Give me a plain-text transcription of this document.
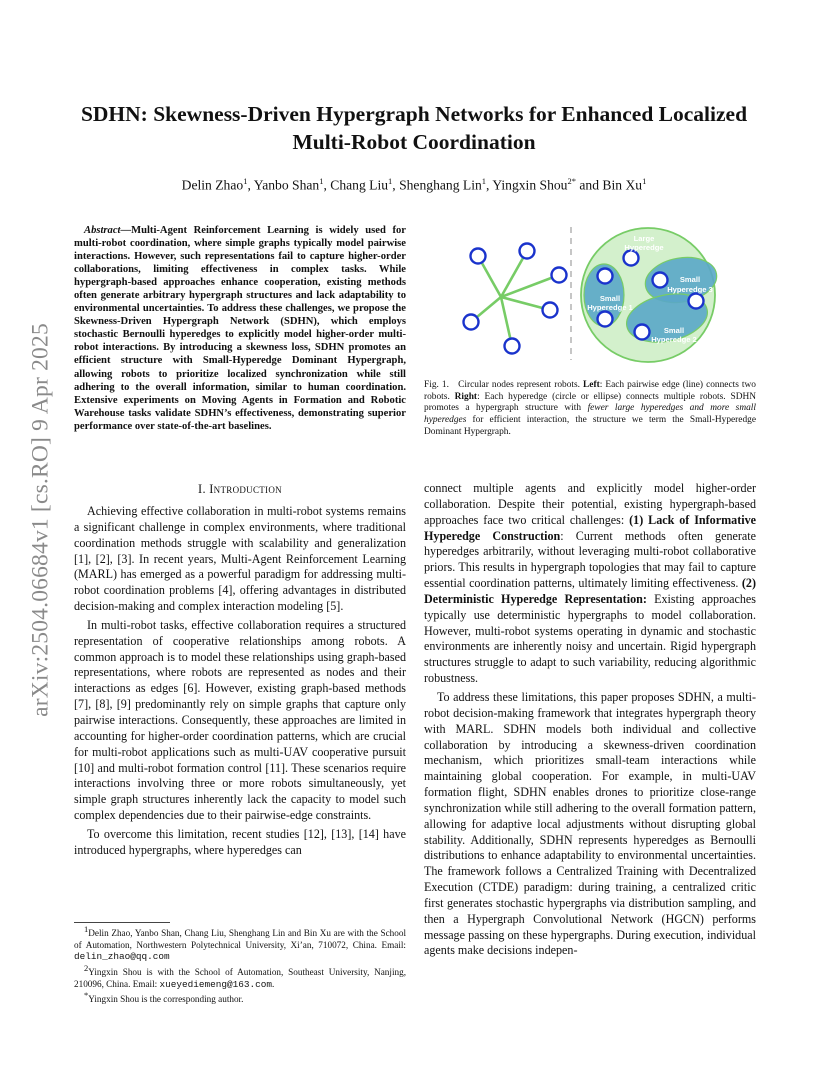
arXiv:2504.06684v1 [cs.RO] 9 Apr 2025
SDHN: Skewness-Driven Hypergraph Networks for Enhanced Localized
Multi-Robot Coordination
Delin Zhao$^1$, Yanbo Shan$^1$, Chang Liu$^1$, Shenghang Lin$^1$, Yingxin Shou$^{2*}$ and Bin Xu$^1$
Abstract—Multi-Agent Reinforcement Learning is widely used for multi-robot coordination, where simple graphs typically model pairwise interactions. However, such representations fail to capture higher-order collaborations, limiting effectiveness in complex tasks. While hypergraph-based approaches enhance cooperation, existing methods often generate arbitrary hypergraph structures and lack adaptability to environmental uncertainties. To address these challenges, we propose the Skewness-Driven Hypergraph Network (SDHN), which employs stochastic Bernoulli hyperedges to explicitly model higher-order multi-robot interactions. By introducing a skewness loss, SDHN promotes an efficient structure with Small-Hyperedge Dominant Hypergraph, allowing robots to prioritize localized synchronization while still adhering to the overall information, similar to human coordination. Extensive experiments on Moving Agents in Formation and Robotic Warehouse tasks validate SDHN’s effectiveness, demonstrating superior performance over state-of-the-art baselines.
I. Introduction

Achieving effective collaboration in multi-robot systems remains a significant challenge in complex environments, where traditional coordination methods struggle with scalability and generalization [1], [2], [3]. In recent years, Multi-Agent Reinforcement Learning (MARL) has emerged as a powerful paradigm for addressing multi-robot coordination problems [4], offering advantages in distributed decision-making and complex interaction modeling [5].

In multi-robot tasks, effective collaboration requires a structured representation of cooperative relationships among robots. A common approach is to model these relationships using graph-based representations, where robots are represented as nodes and their interactions as edges [6]. However, existing graph-based methods [7], [8], [9] predominantly rely on simple graphs that capture only pairwise interactions. Consequently, these approaches are limited in accounting for higher-order coordination patterns, which are crucial for multi-robot applications such as multi-UAV cooperative pursuit [10] and multi-robot formation control [11]. These scenarios require interactions involving three or more robots simultaneously, yet simple graph structures inherently lack the capacity to model such complex dependencies due to their pairwise-edge constraints.

To overcome this limitation, recent studies [12], [13], [14] have introduced hypergraphs, where hyperedges can

$^1$Delin Zhao, Yanbo Shan, Chang Liu, Shenghang Lin and Bin Xu are with the School of Automation, Northwestern Polytechnical University, Xi’an, 710072, China. Email: delin_zhao@qq.com

$^2$Yingxin Shou is with the School of Automation, Southeast University, Nanjing, 210096, China. Email: xueyediemeng@163.com.

*Yingxin Shou is the corresponding author.

Large
Hyperedge
Small
Hyperedge 3
Small
Hyperedge 1
Small
Hyperedge 2
Fig. 1. Circular nodes represent robots. Left: Each pairwise edge (line) connects two robots. Right: Each hyperedge (circle or ellipse) connects multiple robots. SDHN promotes a hypergraph structure with fewer large hyperedges and more small hyperedges for efficient interaction, the structure we term the Small-Hyperedge Dominant Hypergraph.

connect multiple agents and explicitly model higher-order collaboration. Despite their potential, existing hypergraph-based approaches face two critical challenges: (1) Lack of Informative Hyperedge Construction: Current methods often generate hyperedges arbitrarily, without leveraging multi-robot collaborative priors. This results in hypergraph topologies that may fail to capture essential coordination patterns, ultimately limiting effectiveness. (2) Deterministic Hyperedge Representation: Existing approaches typically use deterministic hypergraphs to model collaboration. However, multi-robot systems operating in dynamic and stochastic environments are inherently noisy and uncertain. Rigid hypergraph structures struggle to adapt to such variability, reducing algorithmic robustness.

To address these limitations, this paper proposes SDHN, a multi-robot decision-making framework that integrates hypergraph theory with MARL. SDHN models both individual and collective collaboration by introducing a skewness-driven coordination mechanism, which prioritizes small-team interactions while maintaining global cooperation. For example, in multi-UAV formation flight, SDHN enables drones to prioritize close-range synchronization while still adhering to the overall formation pattern, allowing for adaptive local adjustments without disrupting global stability. Additionally, SDHN represents hyperedges as Bernoulli distributions to enhance adaptability to environmental uncertainties. The framework follows a Centralized Training with Decentralized Execution (CTDE) paradigm: during training, a centralized critic first generates stochastic hypergraphs via distribution sampling, and then a Hypergraph Convolutional Network (HGCN) performs message passing on these hypergraphs. During execution, individual agents make decisions indepen-
